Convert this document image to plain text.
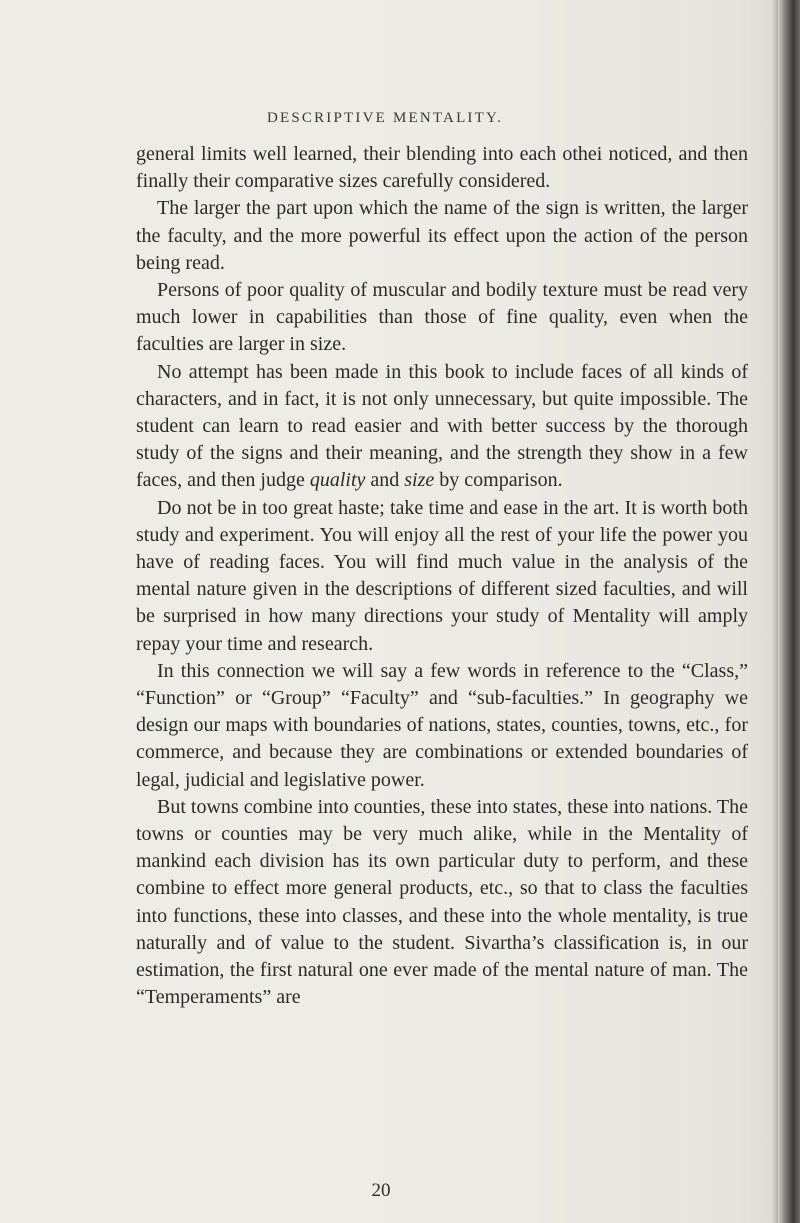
DESCRIPTIVE MENTALITY.

general limits well learned, their blending into each othei noticed, and then finally their comparative sizes carefully considered.

The larger the part upon which the name of the sign is written, the larger the faculty, and the more powerful its effect upon the action of the person being read.

Persons of poor quality of muscular and bodily texture must be read very much lower in capabilities than those of fine quality, even when the faculties are larger in size.

No attempt has been made in this book to include faces of all kinds of characters, and in fact, it is not only unnecessary, but quite impossible. The student can learn to read easier and with better success by the thorough study of the signs and their meaning, and the strength they show in a few faces, and then judge quality and size by comparison.

Do not be in too great haste; take time and ease in the art. It is worth both study and experiment. You will enjoy all the rest of your life the power you have of reading faces. You will find much value in the analysis of the mental nature given in the descriptions of different sized faculties, and will be surprised in how many directions your study of Mentality will amply repay your time and research.

In this connection we will say a few words in reference to the “Class,” “Function” or “Group” “Faculty” and “sub-faculties.” In geography we design our maps with boundaries of nations, states, counties, towns, etc., for commerce, and because they are combinations or extended boundaries of legal, judicial and legislative power.

But towns combine into counties, these into states, these into nations. The towns or counties may be very much alike, while in the Mentality of mankind each division has its own particular duty to perform, and these combine to effect more general products, etc., so that to class the faculties into functions, these into classes, and these into the whole mentality, is true naturally and of value to the student. Sivartha’s classification is, in our estimation, the first natural one ever made of the mental nature of man. The “Temperaments” are

20
